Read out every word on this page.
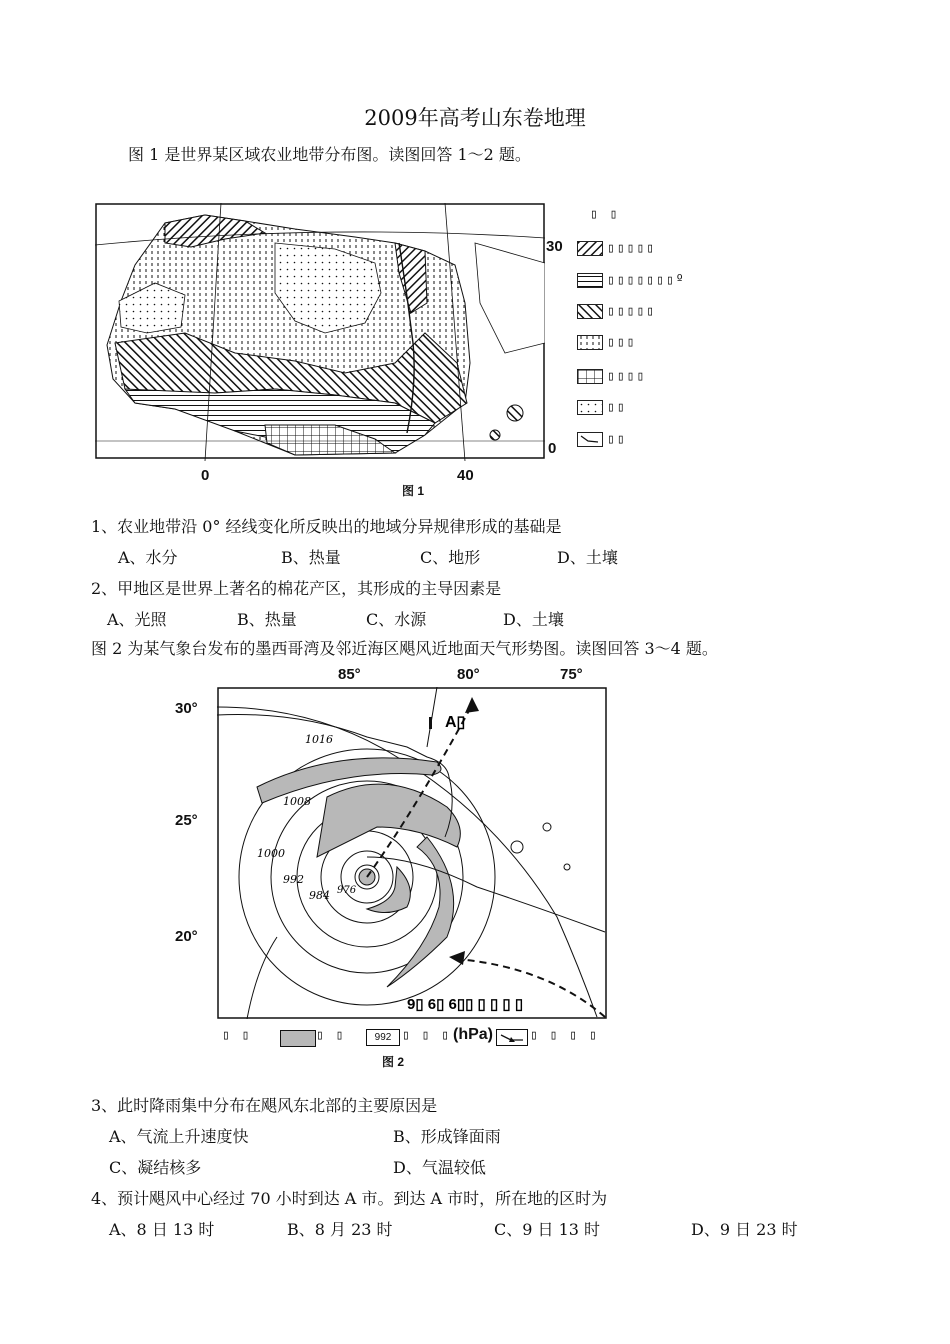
2009年高考山东卷地理
图 1 是世界某区域农业地带分布图。读图回答 1～2 题。
30
0
0	40
图 1
▯ ▯
▯▯▯▯▯
▯▯▯▯▯▯▯º
▯▯▯▯▯
▯▯▯
▯▯▯▯
▯▯
▯▯
1、农业地带沿 0° 经线变化所反映出的地域分异规律形成的基础是
A、水分	B、热量	C、地形	D、土壤
2、甲地区是世界上著名的棉花产区，其形成的主导因素是
A、光照	B、热量	C、水源	D、土壤
图 2 为某气象台发布的墨西哥湾及邻近海区飓风近地面天气形势图。读图回答 3～4 题。
85°	80°	75°
30°
25°
20°
1016
1008
1000
992
984 976
A▯
9▯ 6▯ 6▯▯ ▯ ▯ ▯ ▯
▯ ▯	▯ ▯	992 ▯ ▯ ▯ (hPa)	▯ ▯ ▯ ▯
图 2
3、此时降雨集中分布在飓风东北部的主要原因是
A、气流上升速度快	B、形成锋面雨
C、凝结核多	D、气温较低
4、预计飓风中心经过 70 小时到达 A 市。到达 A 市时，所在地的区时为
A、8 日 13 时	B、8 月 23 时	C、9 日 13 时	D、9 日 23 时
